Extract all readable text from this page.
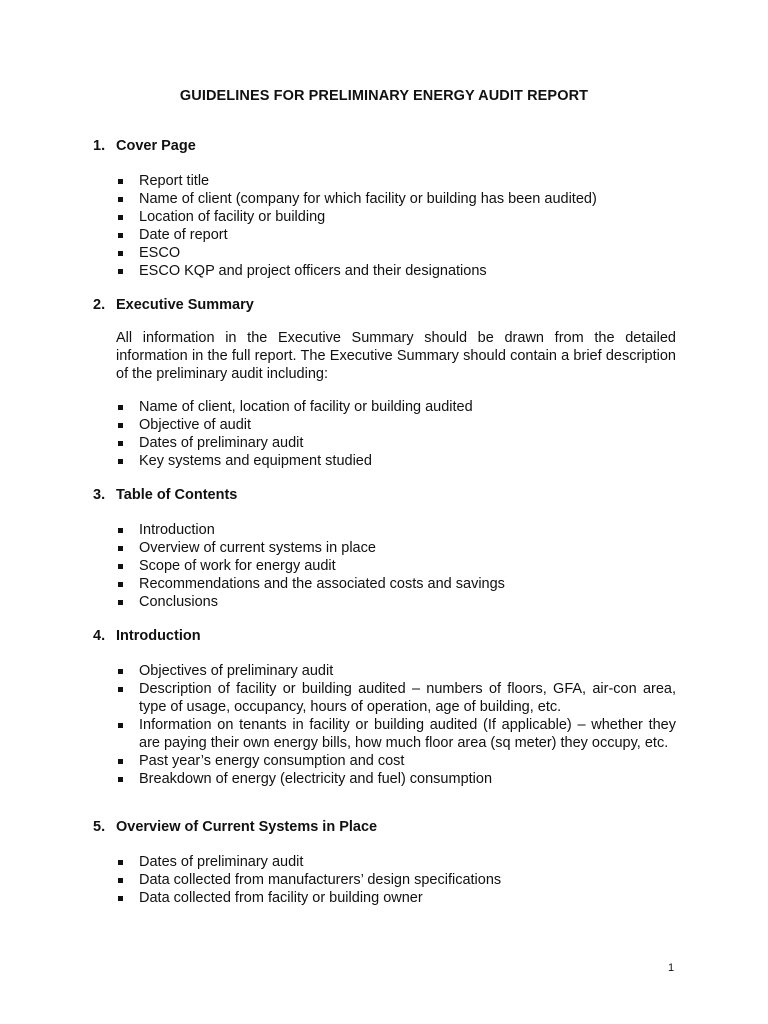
GUIDELINES FOR PRELIMINARY ENERGY AUDIT REPORT
1. Cover Page
Report title
Name of client (company for which facility or building has been audited)
Location of facility or building
Date of report
ESCO
ESCO KQP and project officers and their designations
2. Executive Summary

All information in the Executive Summary should be drawn from the detailed information in the full report. The Executive Summary should contain a brief description of the preliminary audit including:

Name of client, location of facility or building audited
Objective of audit
Dates of preliminary audit
Key systems and equipment studied
3. Table of Contents
Introduction
Overview of current systems in place
Scope of work for energy audit
Recommendations and the associated costs and savings
Conclusions
4. Introduction
Objectives of preliminary audit
Description of facility or building audited – numbers of floors, GFA, air-con area, type of usage, occupancy, hours of operation, age of building, etc.
Information on tenants in facility or building audited (If applicable) – whether they are paying their own energy bills, how much floor area (sq meter) they occupy, etc.
Past year’s energy consumption and cost
Breakdown of energy (electricity and fuel) consumption
5. Overview of Current Systems in Place
Dates of preliminary audit
Data collected from manufacturers’ design specifications
Data collected from facility or building owner
1
